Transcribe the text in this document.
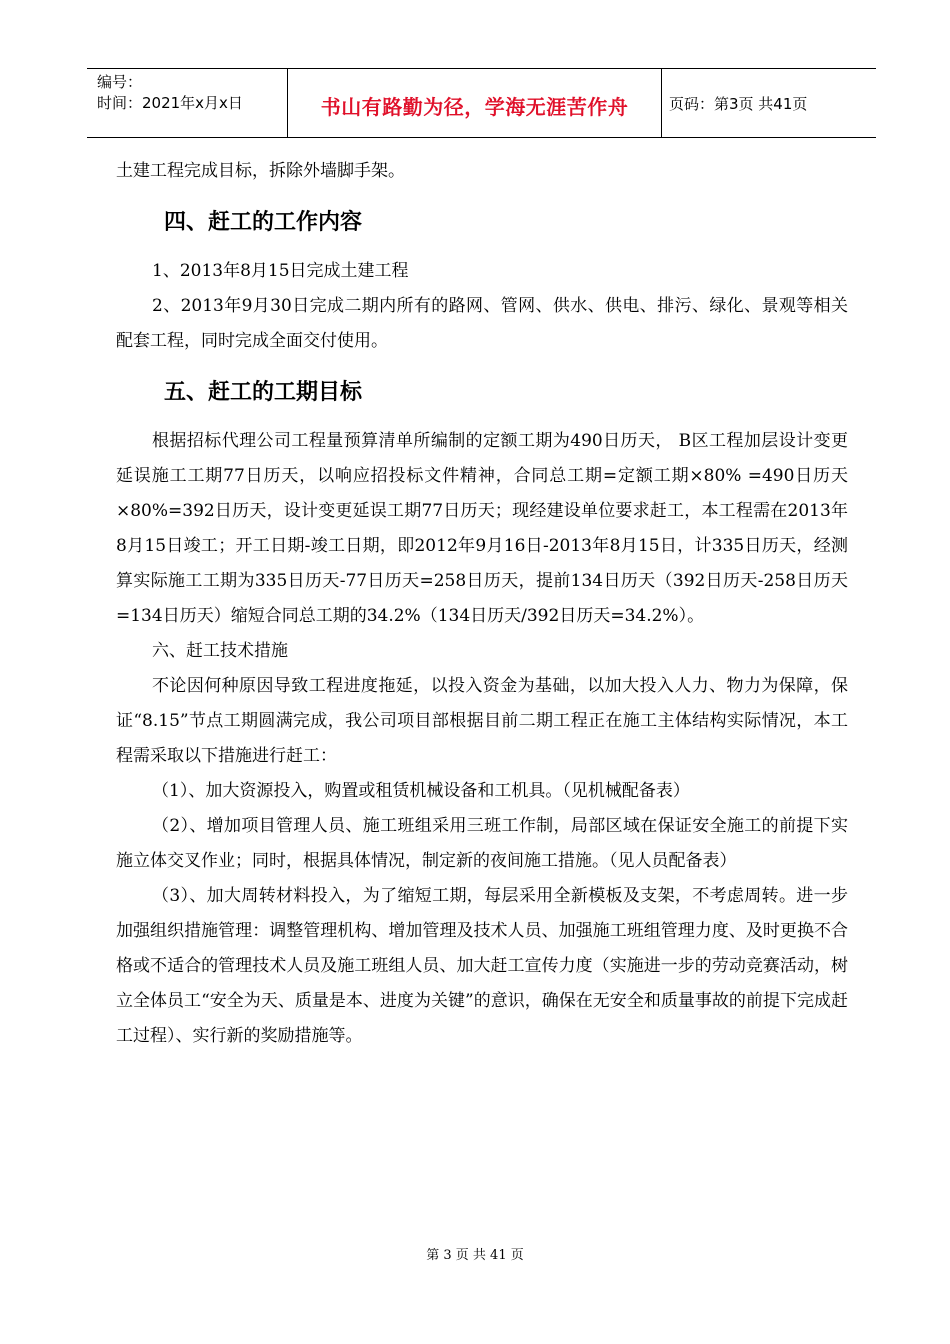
编号：
时间：2021年x月x日	书山有路勤为径，学海无涯苦作舟	页码：第3页 共41页

土建工程完成目标，拆除外墙脚手架。

四、赶工的工作内容

1、2013年8月15日完成土建工程

2、2013年9月30日完成二期内所有的路网、管网、供水、供电、排污、绿化、景观等相关配套工程，同时完成全面交付使用。

五、赶工的工期目标

根据招标代理公司工程量预算清单所编制的定额工期为490日历天， B区工程加层设计变更延误施工工期77日历天，以响应招投标文件精神，合同总工期=定额工期×80% =490日历天×80%=392日历天，设计变更延误工期77日历天；现经建设单位要求赶工，本工程需在2013年8月15日竣工；开工日期-竣工日期，即2012年9月16日-2013年8月15日，计335日历天，经测算实际施工工期为335日历天-77日历天=258日历天，提前134日历天（392日历天-258日历天=134日历天）缩短合同总工期的34.2%（134日历天/392日历天=34.2%）。

六、赶工技术措施

不论因何种原因导致工程进度拖延，以投入资金为基础，以加大投入人力、物力为保障，保证“8.15”节点工期圆满完成，我公司项目部根据目前二期工程正在施工主体结构实际情况，本工程需采取以下措施进行赶工：

（1）、加大资源投入，购置或租赁机械设备和工机具。（见机械配备表）

（2）、增加项目管理人员、施工班组采用三班工作制，局部区域在保证安全施工的前提下实施立体交叉作业；同时，根据具体情况，制定新的夜间施工措施。（见人员配备表）

（3）、加大周转材料投入，为了缩短工期，每层采用全新模板及支架，不考虑周转。进一步加强组织措施管理：调整管理机构、增加管理及技术人员、加强施工班组管理力度、及时更换不合格或不适合的管理技术人员及施工班组人员、加大赶工宣传力度（实施进一步的劳动竞赛活动，树立全体员工“安全为天、质量是本、进度为关键”的意识，确保在无安全和质量事故的前提下完成赶工过程）、实行新的奖励措施等。

第 3 页 共 41 页
